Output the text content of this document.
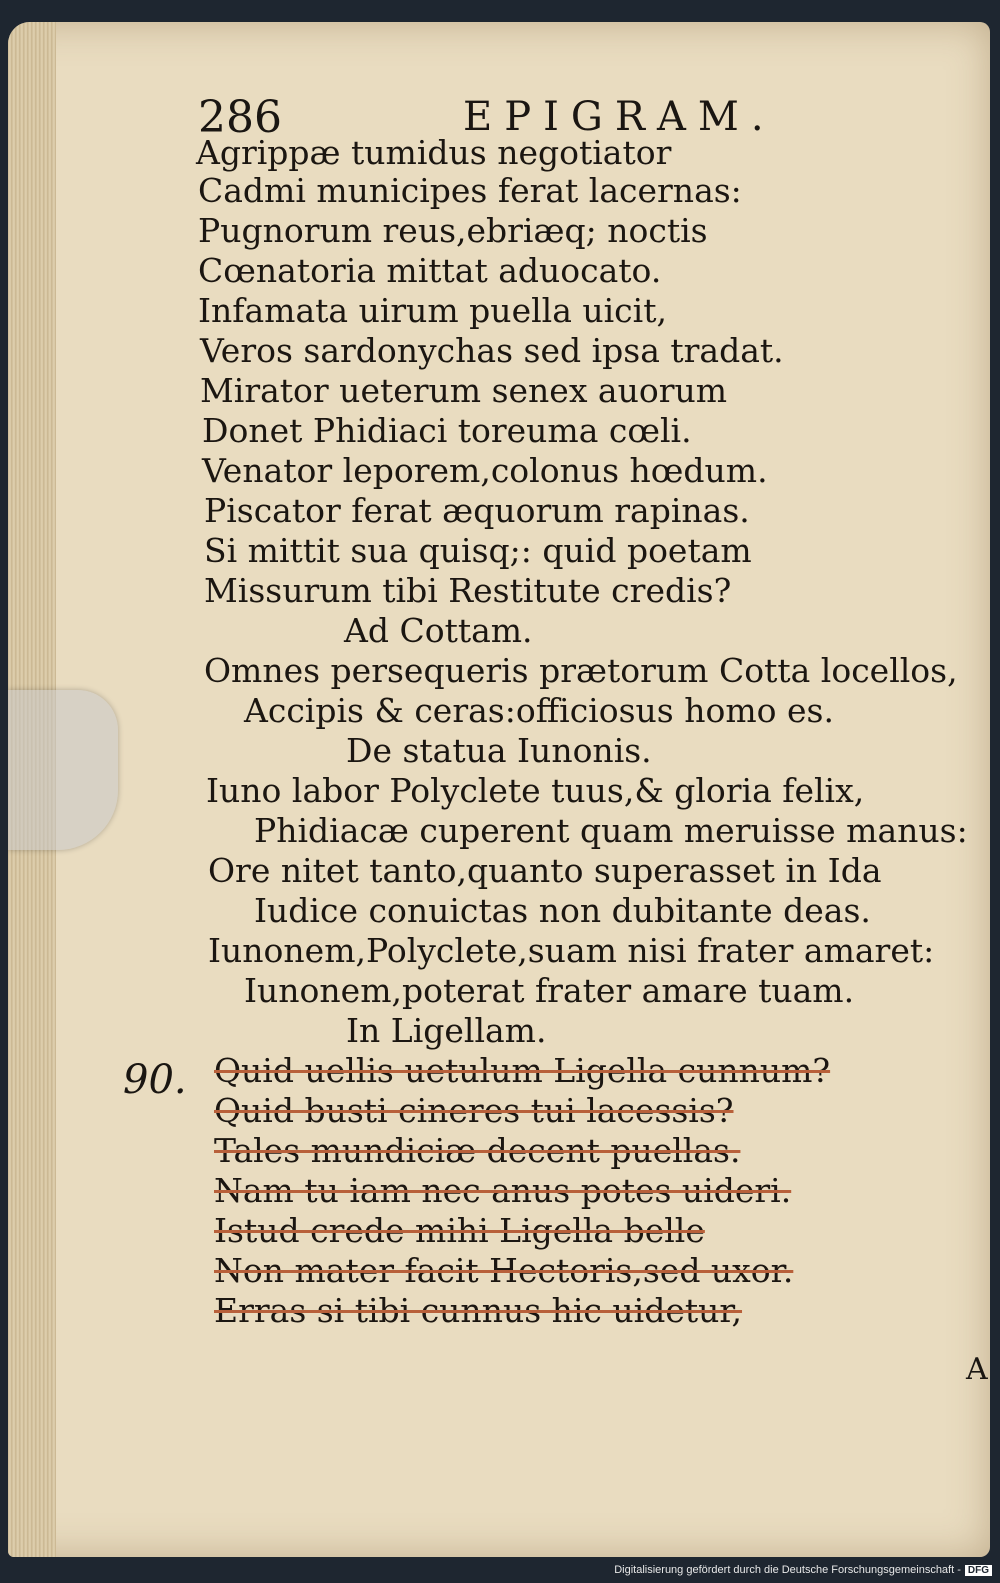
286	EPIGRAM.
Agrippæ tumidus negotiator
Cadmi municipes ferat lacernas:
Pugnorum reus,ebriæq; noctis
Cœnatoria mittat aduocato.
Infamata uirum puella uicit,
Veros sardonychas sed ipsa tradat.
Mirator ueterum senex auorum
Donet Phidiaci toreuma cœli.
Venator leporem,colonus hœdum.
Piscator ferat æquorum rapinas.
Si mittit sua quisq;: quid poetam
Missurum tibi Restitute credis?
Ad Cottam.
Omnes persequeris prætorum Cotta locellos,
Accipis & ceras:officiosus homo es.
De statua Iunonis.
Iuno labor Polyclete tuus,& gloria felix,
Phidiacæ cuperent quam meruisse manus:
Ore nitet tanto,quanto superasset in Ida
Iudice conuictas non dubitante deas.
Iunonem,Polyclete,suam nisi frater amaret:
Iunonem,poterat frater amare tuam.
In Ligellam.
Quid uellis uetulum Ligella cunnum?
Quid busti cineres tui lacessis?
Tales mundiciæ decent puellas.
Nam tu iam nec anus potes uideri.
Istud crede mihi Ligella belle
Non mater facit Hectoris,sed uxor.
Erras si tibi cunnus hic uidetur,
90.
A
Digitalisierung gefördert durch die Deutsche Forschungsgemeinschaft - DFG
